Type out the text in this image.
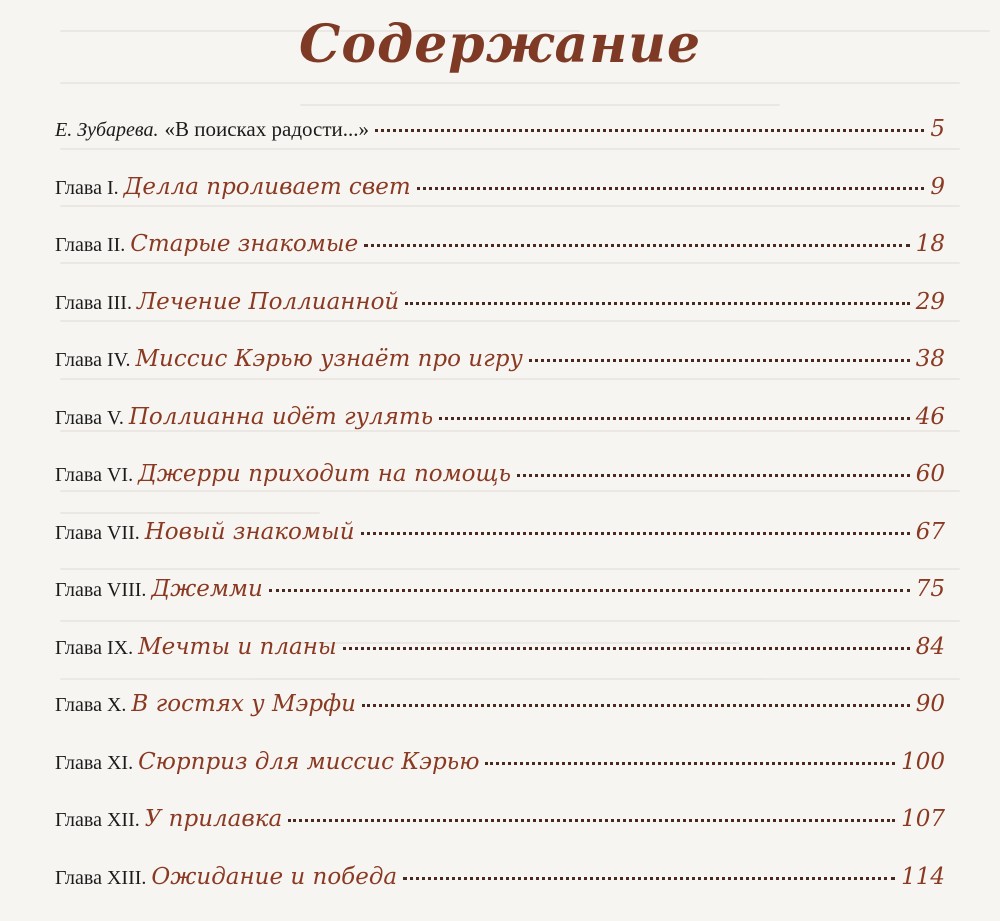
Содержание
Е. Зубарева. «В поисках радости...»	5
Глава I. Делла проливает свет	9
Глава II. Старые знакомые	18
Глава III. Лечение Поллианной	29
Глава IV. Миссис Кэрью узнаёт про игру	38
Глава V. Поллианна идёт гулять	46
Глава VI. Джерри приходит на помощь	60
Глава VII. Новый знакомый	67
Глава VIII. Джемми	75
Глава IX. Мечты и планы	84
Глава X. В гостях у Мэрфи	90
Глава XI. Сюрприз для миссис Кэрью	100
Глава XII. У прилавка	107
Глава XIII. Ожидание и победа	114
